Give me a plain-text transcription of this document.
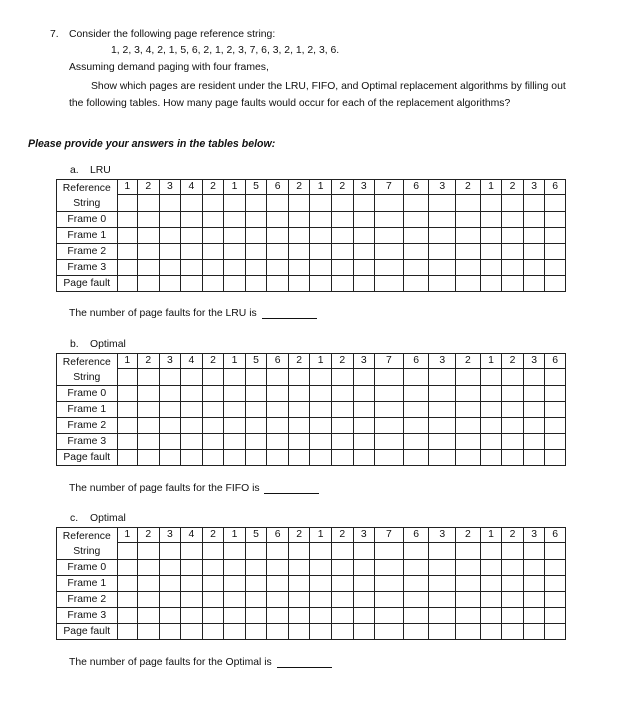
7. Consider the following page reference string:
1, 2, 3, 4, 2, 1, 5, 6, 2, 1, 2, 3, 7, 6, 3, 2, 1, 2, 3, 6.
Assuming demand paging with four frames,
Show which pages are resident under the LRU, FIFO, and Optimal replacement algorithms by filling out the following tables. How many page faults would occur for each of the replacement algorithms?
Please provide your answers in the tables below:
a. LRU
Reference
String	1	2	3	4	2	1	5	6	2	1	2	3	7	6	3	2	1	2	3	6

Frame 0																				
Frame 1																				
Frame 2																				
Frame 3																				
Page fault																				
The number of page faults for the LRU is
b. Optimal
Reference
String	1	2	3	4	2	1	5	6	2	1	2	3	7	6	3	2	1	2	3	6

Frame 0																				
Frame 1																				
Frame 2																				
Frame 3																				
Page fault																				
The number of page faults for the FIFO is
c. Optimal
Reference
String	1	2	3	4	2	1	5	6	2	1	2	3	7	6	3	2	1	2	3	6

Frame 0																				
Frame 1																				
Frame 2																				
Frame 3																				
Page fault																				
The number of page faults for the Optimal is
